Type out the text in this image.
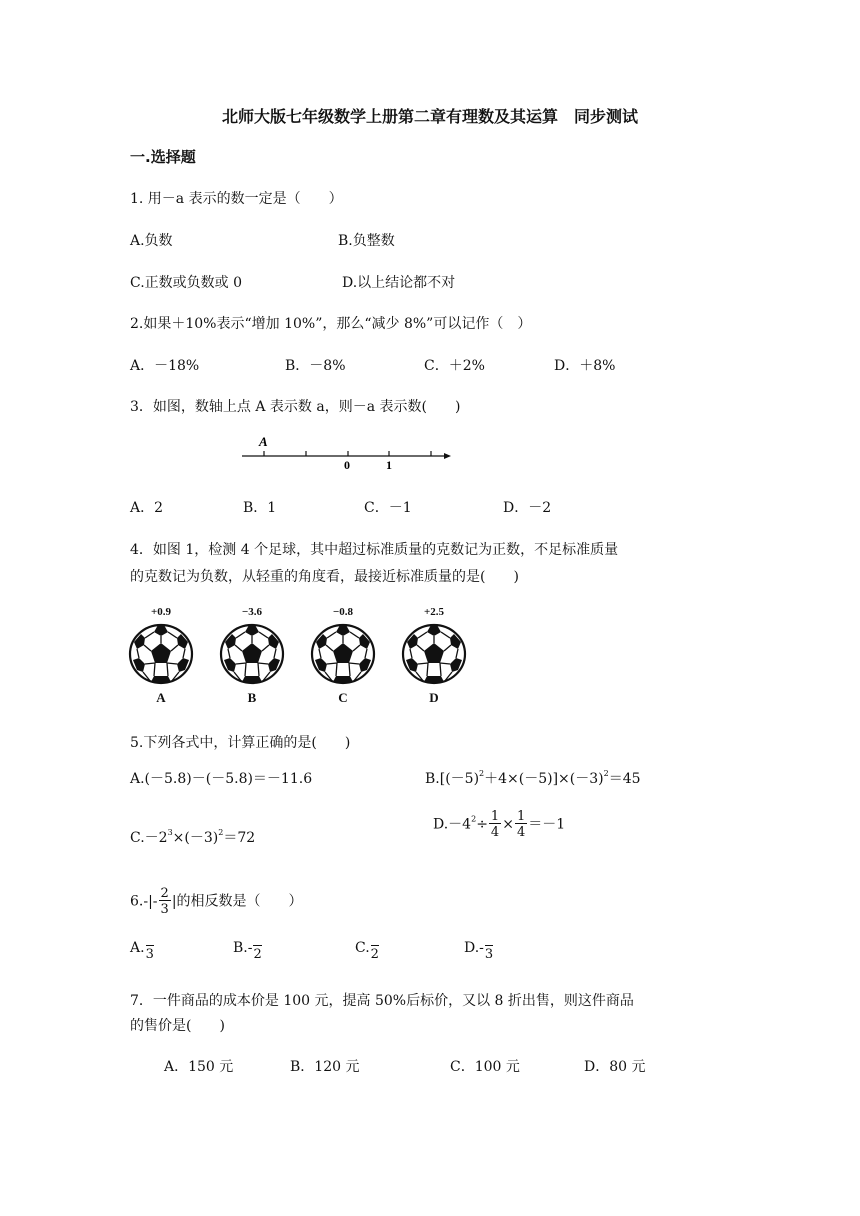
北师大版七年级数学上册第二章有理数及其运算　同步测试
一.选择题
1. 用－a 表示的数一定是（　　）
A.负数	B.负整数
C.正数或负数或 0	D.以上结论都不对
2.如果＋10%表示“增加 10%”，那么“减少 8%”可以记作（　）
A．－18%	B．－8%	C．＋2%	D．＋8%
3．如图，数轴上点 A 表示数 a，则－a 表示数(　　)
A
0	1
A．2	B．1	C．－1	D．－2
4．如图 1，检测 4 个足球，其中超过标准质量的克数记为正数，不足标准质量
的克数记为负数，从轻重的角度看，最接近标准质量的是(　　)
+0.9	−3.6	−0.8	+2.5
A	B	C	D
5.下列各式中，计算正确的是(　　)
A.(－5.8)－(－5.8)＝－11.6	$B.[(-5)^2+4\times(-5)]\times(-3)^2=45$
$C.-2^3\times(-3)^2=72$
$D.-4^2\div \frac{1}{4} \times \frac{1}{4} =-1$
$6.-|- \frac{2}{3}$ |的相反数是（　　）
A. 3	B.- 2	C. 2	D.- 3
7．一件商品的成本价是 100 元，提高 50%后标价，又以 8 折出售，则这件商品
的售价是(　　)
A．150 元	B．120 元	C．100 元	D．80 元
